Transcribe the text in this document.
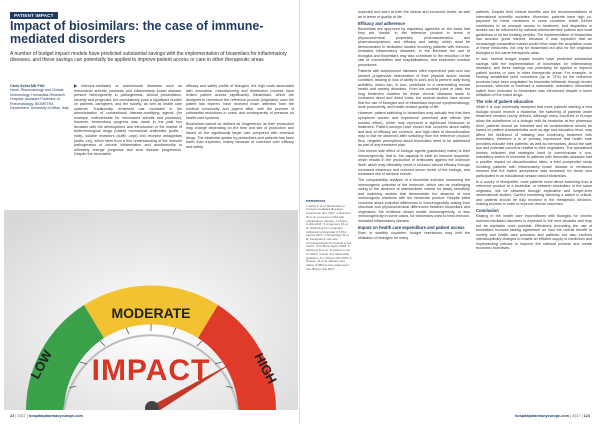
PATIENT IMPACT
Impact of biosimilars: the case of immune-mediated disorders
A number of budget impact models have predicted substantial savings with the implementation of biosimilars for inflammatory diseases, and these savings can potentially be applied to improve patient access or care in other therapeutic areas
Carlo Selmi MD PhD
Head, Rheumatology and Clinical Immunology, Humanitas Research Hospital; Assistant Professor of Rheumatology, BIOMETRA Department, University of Milan, Italy

▶ Immune-mediated or autoimmune diseases such as rheumatoid arthritis, psoriasis and inflammatory bowel disease, present heterogeneity in pathogenesis, clinical presentation, severity and prognosis, but cumulatively pose a significant burden on patients, caregivers, and the society, as well as health care systems. Traditionally, treatment has consisted in the administration of conventional disease-modifying agents (for example, methotrexate for rheumatoid arthritis and psoriasis); however, tremendous progress was made in the past two decades with the development and introduction in the market of biotechnological drugs (mainly monoclonal antibodies (suffix -mab), soluble receptors (suffix -cept) and receptor antagonists (suffix -ra)), which stem from a fine understanding of the immune pathogenesis of chronic inflammation and autoimmunity to ultimately change prognosis and slow disease progression. Despite the favourable

efficacy and safety profile of biologics, the high costs associated with innovation, manufacturing and distribution process have limited patient access significantly. Biosimilars, which are designed to reproduce the reference product (originator) once the patent has expired, have received much attention from the medical community and payers alike, with the promise of substantial reductions in costs, and consequently of pressure on health care systems.

Biosimilars cannot be defined as 'biogenerics' as their production may change depending on the time and site of production and based on the significantly larger size compared with chemical drugs. The biosimilar uptake by prescribers and patients has been lower than expected, mainly because of concerns over efficacy and safety.

LOW
MODERATE
HIGH
IMPACT
22 | 2017 | hospitalpharmacyeurope.com

expected and seen at both the clinical and economic levels, as well as in terms of quality of life.

Efficacy and adherence

Biosimilars are approved by regulatory agencies on the basis that they are 'similar' to the reference product in terms of physicochemical properties, pharmacokinetics and pharmacodynamics, and efficacy and safety, which must be demonstrated in dedicated studies involving patients with immune-mediated inflammatory diseases. In the literature the use of biologics and biosimilars may also contribute to the reduction of the rate of comorbidities and hospitalisations, and expensive medical procedures.

Patients with autoimmune diseases often experience pain and can present progressive deterioration of their physical and/or mental condition, leading to loss of ability to work and to perform daily living activities, which can, in turn, contribute to a deteriorating mental health and anxiety disorders. From the societal point of view, the long treatment duration for these chronic diseases leads to increased direct and direct costs, but several studies have shown that the use of biologics and of biosimilars improve symptomatology, work productivity, and health-related quality of life.

However, patient switching to biosimilars may actually feel that their symptoms worsen and experience perceived side effects (the nocebo effect), which may represent a significant hindrance to treatment. Patient surveys have shown that concerns about safety and lack of efficacy are common, and high rates of discontinuation may in fact be observed after switching from the reference product; thus, negative perceptions about biosimilars need to be addressed as part of any treatment plan.

One known side effect of biologic agents (particularly mabs) is their immunogenicity, that is, the capacity to elicit an immune response, which results in the production of antibodies against the molecule itself, which may ultimately result in reduced clinical efficacy through increased clearance and reduced serum levels of the biologic, and increased risk of adverse events.

The comparability analysis of a biosimilar includes measuring the immunogenic potential of the molecule, which can be challenging owing to the absence of standardised criteria for assay sensitivity and switching studies that demonstrate the absence of new immunogenic reactions with the biosimilar product. Despite initial concerns about potential differences in immunogenicity arising from structural and physicochemical differences between biosimilars and originators, the evidence shows similar immunogenicity, or less immunogenicity in some cases, for biosimilars used to treat immune-mediated inflammatory disease.

Impact on health care expenditure and patient access

Even in wealthy countries, budget restrictions may limit the utilisation of biologics for many

patients. Despite their clinical benefits and the recommendations of international scientific societies. Moreover, patients have high co-payment for these medicines in some countries, which further contributes to an unequal access to treatment; and disparities in access can be influenced by national reimbursement policies and local guidelines or by the treating centres. The implementation of biosimilars has aroused great interest, because it was expected that an increasingly competitive market would drive down the acquisition costs of these medicines, not only for biosimilars but also for the originator biologics in the same therapeutic class.

In fact, several budget impact models have predicted substantial savings with the implementation of biosimilars for inflammatory diseases, and these savings can potentially be applied to improve patient access or care in other therapeutic areas. For example, in Norway substantial price reductions (up to 72%) for the reference products have been negotiated for biosimilar infliximab through tender processes, whereas in Denmark a nationwide, mandated, stimulated switch from innovator to biosimilars was introduced despite a lower utilisation of the brand drugs.

The role of patient education

While it is now universally accepted that more patients starting a new biologic should receive a biosimilar, the switching of patients under treatment remains poorly defined. Although many countries in Europe allow the substitution of a biologic with its biosimilar at the pharmacy level, patients should be informed and all considerations should be based on patient characteristics such as age and education level, may affect the likelihood of initiating and continuing treatment with biosimilars, therefore it is of primary importance that health care providers educate their patients, as well as themselves, about the safe use and potential concerns relative to their originators. The specialised studies indicated that strategies used to communicate a non-mandatory switch to biosimilar to patients with rheumatic diseases had a positive impact on discontinuation rates; a third prospective study involving patients with inflammatory bowel disease in remission showed that the switch acceptance was increased for those who participated in an educational session about biosimilars.

In a survey in Montpellier, most patients knew about switching from a reference product to a biosimilar, or between biosimilars of the same originator, will be obtained through explicative and longer-term observational studies. Careful monitoring following a switch is critical, and patients should be fully involved in the therapeutic decision-making process in order to improve clinical outcomes.

Conclusion

Raising in the health care expenditures with biologics for chronic immune-mediated disorders is expected in the next decades and may not be equitable ones possible. Effectively promoting the use of biosimilars involves lasting agreement on how the overall benefit to society and health care providers and patients, but also involves interdisciplinary changes to enable an efficient supply of medicines and implementing policies to improve the national process and create economic incentives.

References
1 Selmi C et al. Biosimilars in immune-mediated diseases. Autoimmun Rev 2017. 2 Reinisch W et al. Long-term infliximab maintenance therapy. J Crohns Colitis 2016. 3 Jorgensen KK et al. Switching from originator infliximab to biosimilar CT-P13. Lancet 2017. 4 Scherlinger M et al. Acceptance rate and sociological factors involved in the switch. Joint Bone Spine 2018. 5 Glintborg B et al. To switch or not to switch: results of a nationwide guideline. Ann Rheum Dis 2019. 6 Smolen JS et al. Efficacy and safety of SB4 versus etanercept. Ann Rheum Dis 2017.
hospitalpharmacyeurope.com | 2017 | 123
